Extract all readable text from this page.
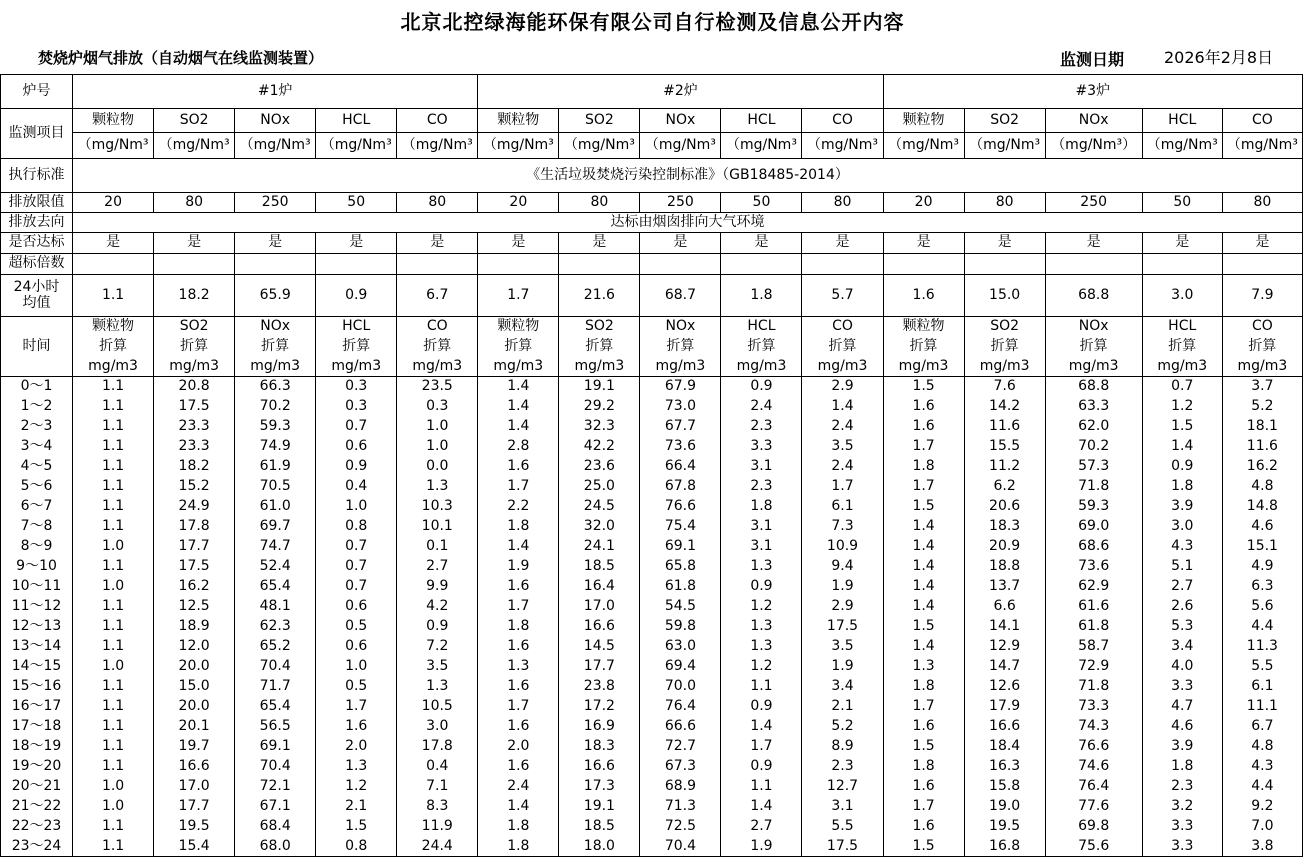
北京北控绿海能环保有限公司自行检测及信息公开内容
焚烧炉烟气排放（自动烟气在线监测装置）	监测日期 2026年2月8日
炉号	#1炉					#2炉					#3炉				
监测项目	颗粒物	SO2	NOx	HCL	CO	颗粒物	SO2	NOx	HCL	CO	颗粒物	SO2	NOx	HCL	CO
	（mg/Nm³	（mg/Nm³	（mg/Nm³	（mg/Nm³	（mg/Nm³	（mg/Nm³	（mg/Nm³	（mg/Nm³	（mg/Nm³	（mg/Nm³	（mg/Nm³	（mg/Nm³	（mg/Nm³）	（mg/Nm³	（mg/Nm³
执行标准	《生活垃圾焚烧污染控制标准》（GB18485-2014）														
排放限值	20	80	250	50	80	20	80	250	50	80	20	80	250	50	80
排放去向	达标由烟囱排向大气环境														
是否达标	是	是	是	是	是	是	是	是	是	是	是	是	是	是	是
超标倍数															

24小时
均值	1.1	18.2	65.9	0.9	6.7	1.7	21.6	68.7	1.8	5.7	1.6	15.0	68.8	3.0	7.9
时间	颗粒物	SO2	NOx	HCL	CO	颗粒物	SO2	NOx	HCL	CO	颗粒物	SO2	NOx	HCL	CO
	折算	折算	折算	折算	折算	折算	折算	折算	折算	折算	折算	折算	折算	折算	折算
	mg/m3	mg/m3	mg/m3	mg/m3	mg/m3	mg/m3	mg/m3	mg/m3	mg/m3	mg/m3	mg/m3	mg/m3	mg/m3	mg/m3	mg/m3
0～1	1.1	20.8	66.3	0.3	23.5	1.4	19.1	67.9	0.9	2.9	1.5	7.6	68.8	0.7	3.7
1～2	1.1	17.5	70.2	0.3	0.3	1.4	29.2	73.0	2.4	1.4	1.6	14.2	63.3	1.2	5.2
2～3	1.1	23.3	59.3	0.7	1.0	1.4	32.3	67.7	2.3	2.4	1.6	11.6	62.0	1.5	18.1
3～4	1.1	23.3	74.9	0.6	1.0	2.8	42.2	73.6	3.3	3.5	1.7	15.5	70.2	1.4	11.6
4～5	1.1	18.2	61.9	0.9	0.0	1.6	23.6	66.4	3.1	2.4	1.8	11.2	57.3	0.9	16.2
5～6	1.1	15.2	70.5	0.4	1.3	1.7	25.0	67.8	2.3	1.7	1.7	6.2	71.8	1.8	4.8
6～7	1.1	24.9	61.0	1.0	10.3	2.2	24.5	76.6	1.8	6.1	1.5	20.6	59.3	3.9	14.8
7～8	1.1	17.8	69.7	0.8	10.1	1.8	32.0	75.4	3.1	7.3	1.4	18.3	69.0	3.0	4.6
8～9	1.0	17.7	74.7	0.7	0.1	1.4	24.1	69.1	3.1	10.9	1.4	20.9	68.6	4.3	15.1
9～10	1.1	17.5	52.4	0.7	2.7	1.9	18.5	65.8	1.3	9.4	1.4	18.8	73.6	5.1	4.9
10～11	1.0	16.2	65.4	0.7	9.9	1.6	16.4	61.8	0.9	1.9	1.4	13.7	62.9	2.7	6.3
11～12	1.1	12.5	48.1	0.6	4.2	1.7	17.0	54.5	1.2	2.9	1.4	6.6	61.6	2.6	5.6
12～13	1.1	18.9	62.3	0.5	0.9	1.8	16.6	59.8	1.3	17.5	1.5	14.1	61.8	5.3	4.4
13～14	1.1	12.0	65.2	0.6	7.2	1.6	14.5	63.0	1.3	3.5	1.4	12.9	58.7	3.4	11.3
14～15	1.0	20.0	70.4	1.0	3.5	1.3	17.7	69.4	1.2	1.9	1.3	14.7	72.9	4.0	5.5
15～16	1.1	15.0	71.7	0.5	1.3	1.6	23.8	70.0	1.1	3.4	1.8	12.6	71.8	3.3	6.1
16～17	1.1	20.0	65.4	1.7	10.5	1.7	17.2	76.4	0.9	2.1	1.7	17.9	73.3	4.7	11.1
17～18	1.1	20.1	56.5	1.6	3.0	1.6	16.9	66.6	1.4	5.2	1.6	16.6	74.3	4.6	6.7
18～19	1.1	19.7	69.1	2.0	17.8	2.0	18.3	72.7	1.7	8.9	1.5	18.4	76.6	3.9	4.8
19～20	1.1	16.6	70.4	1.3	0.4	1.6	16.6	67.3	0.9	2.3	1.8	16.3	74.6	1.8	4.3
20～21	1.0	17.0	72.1	1.2	7.1	2.4	17.3	68.9	1.1	12.7	1.6	15.8	76.4	2.3	4.4
21～22	1.0	17.7	67.1	2.1	8.3	1.4	19.1	71.3	1.4	3.1	1.7	19.0	77.6	3.2	9.2
22～23	1.1	19.5	68.4	1.5	11.9	1.8	18.5	72.5	2.7	5.5	1.6	19.5	69.8	3.3	7.0
23～24	1.1	15.4	68.0	0.8	24.4	1.8	18.0	70.4	1.9	17.5	1.5	16.8	75.6	3.3	3.8
